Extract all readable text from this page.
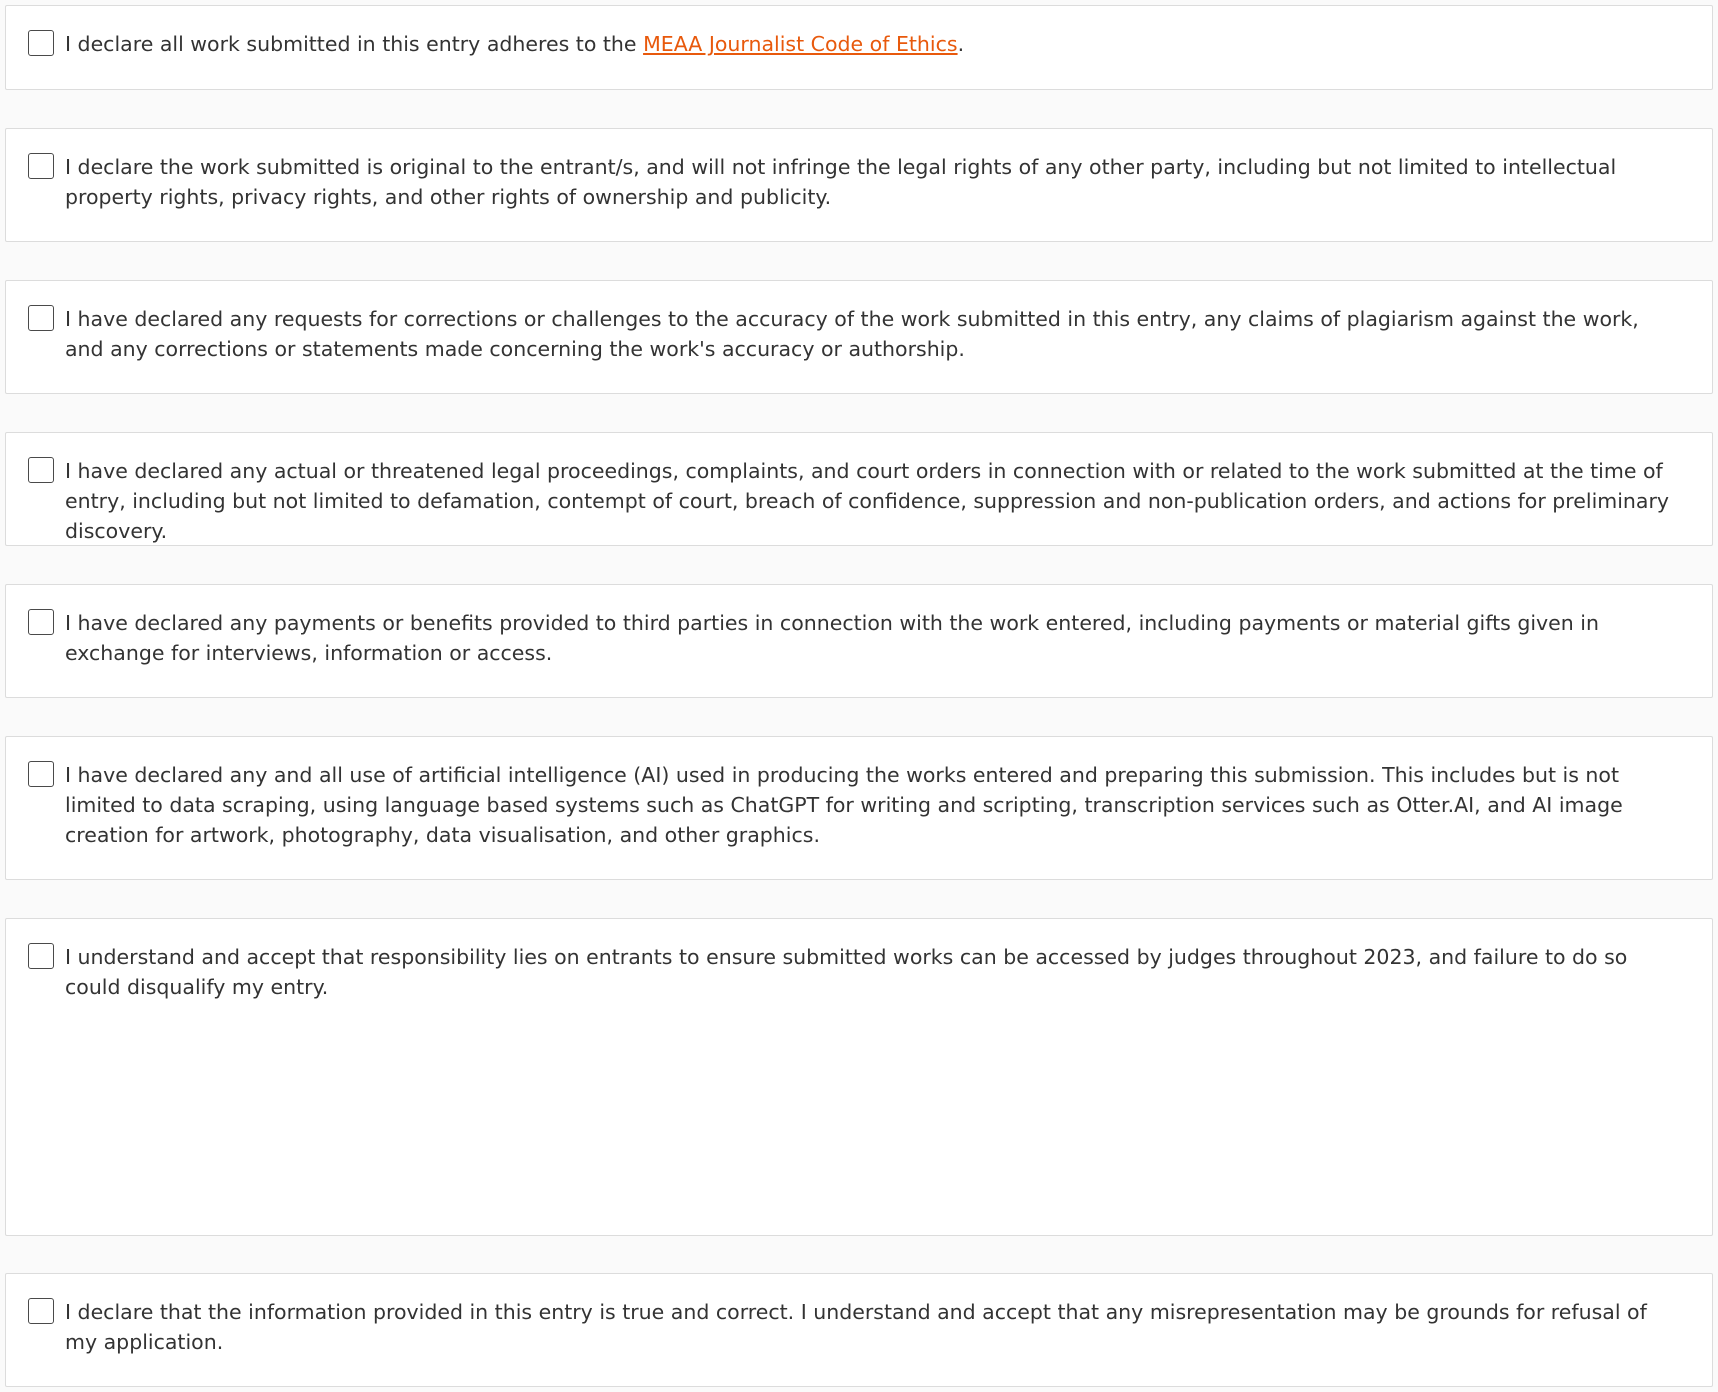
I declare all work submitted in this entry adheres to the MEAA Journalist Code of Ethics.
I declare the work submitted is original to the entrant/s, and will not infringe the legal rights of any other party, including but not limited to intellectual property rights, privacy rights, and other rights of ownership and publicity.
I have declared any requests for corrections or challenges to the accuracy of the work submitted in this entry, any claims of plagiarism against the work, and any corrections or statements made concerning the work's accuracy or authorship.
I have declared any actual or threatened legal proceedings, complaints, and court orders in connection with or related to the work submitted at the time of entry, including but not limited to defamation, contempt of court, breach of confidence, suppression and non-publication orders, and actions for preliminary discovery.
I have declared any payments or benefits provided to third parties in connection with the work entered, including payments or material gifts given in exchange for interviews, information or access.
I have declared any and all use of artificial intelligence (AI) used in producing the works entered and preparing this submission. This includes but is not limited to data scraping, using language based systems such as ChatGPT for writing and scripting, transcription services such as Otter.AI, and AI image creation for artwork, photography, data visualisation, and other graphics.
I understand and accept that responsibility lies on entrants to ensure submitted works can be accessed by judges throughout 2023, and failure to do so could disqualify my entry.
I declare that the information provided in this entry is true and correct. I understand and accept that any misrepresentation may be grounds for refusal of my application.
